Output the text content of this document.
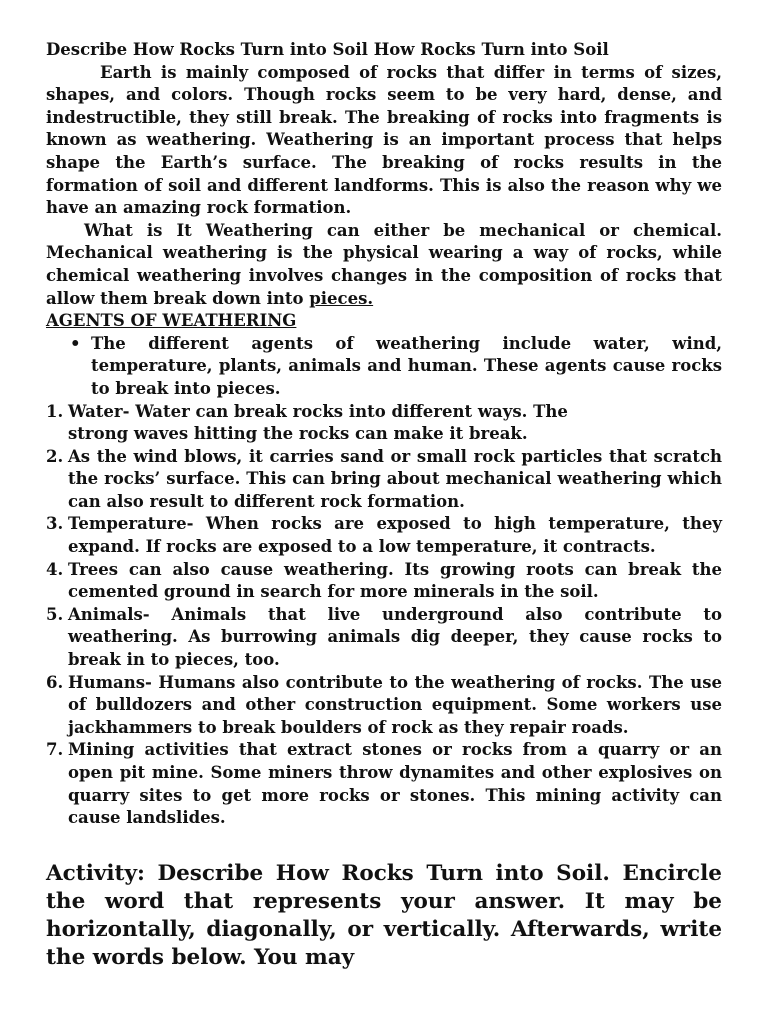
Describe How Rocks Turn into Soil How Rocks Turn into Soil

Earth is mainly composed of rocks that differ in terms of sizes, shapes, and colors. Though rocks seem to be very hard, dense, and indestructible, they still break. The breaking of rocks into fragments is known as weathering. Weathering is an important process that helps shape the Earth’s surface. The breaking of rocks results in the formation of soil and different landforms. This is also the reason why we have an amazing rock formation.

What is It Weathering can either be mechanical or chemical. Mechanical weathering is the physical wearing a way of rocks, while chemical weathering involves changes in the composition of rocks that allow them break down into pieces.

AGENTS OF WEATHERING

• The different agents of weathering include water, wind, temperature, plants, animals and human. These agents cause rocks to break into pieces.
1. Water- Water can break rocks into different ways. The
strong waves hitting the rocks can make it break.
2. As the wind blows, it carries sand or small rock particles that scratch the rocks’ surface. This can bring about mechanical weathering which can also result to different rock formation.
3. Temperature- When rocks are exposed to high temperature, they expand. If rocks are exposed to a low temperature, it contracts.
4. Trees can also cause weathering. Its growing roots can break the cemented ground in search for more minerals in the soil.
5. Animals- Animals that live underground also contribute to weathering. As burrowing animals dig deeper, they cause rocks to break in to pieces, too.
6. Humans- Humans also contribute to the weathering of rocks. The use of bulldozers and other construction equipment. Some workers use jackhammers to break boulders of rock as they repair roads.
7. Mining activities that extract stones or rocks from a quarry or an open pit mine. Some miners throw dynamites and other explosives on quarry sites to get more rocks or stones. This mining activity can cause landslides.

Activity: Describe How Rocks Turn into Soil. Encircle the word that represents your answer. It may be horizontally, diagonally, or vertically. Afterwards, write the words below. You may
